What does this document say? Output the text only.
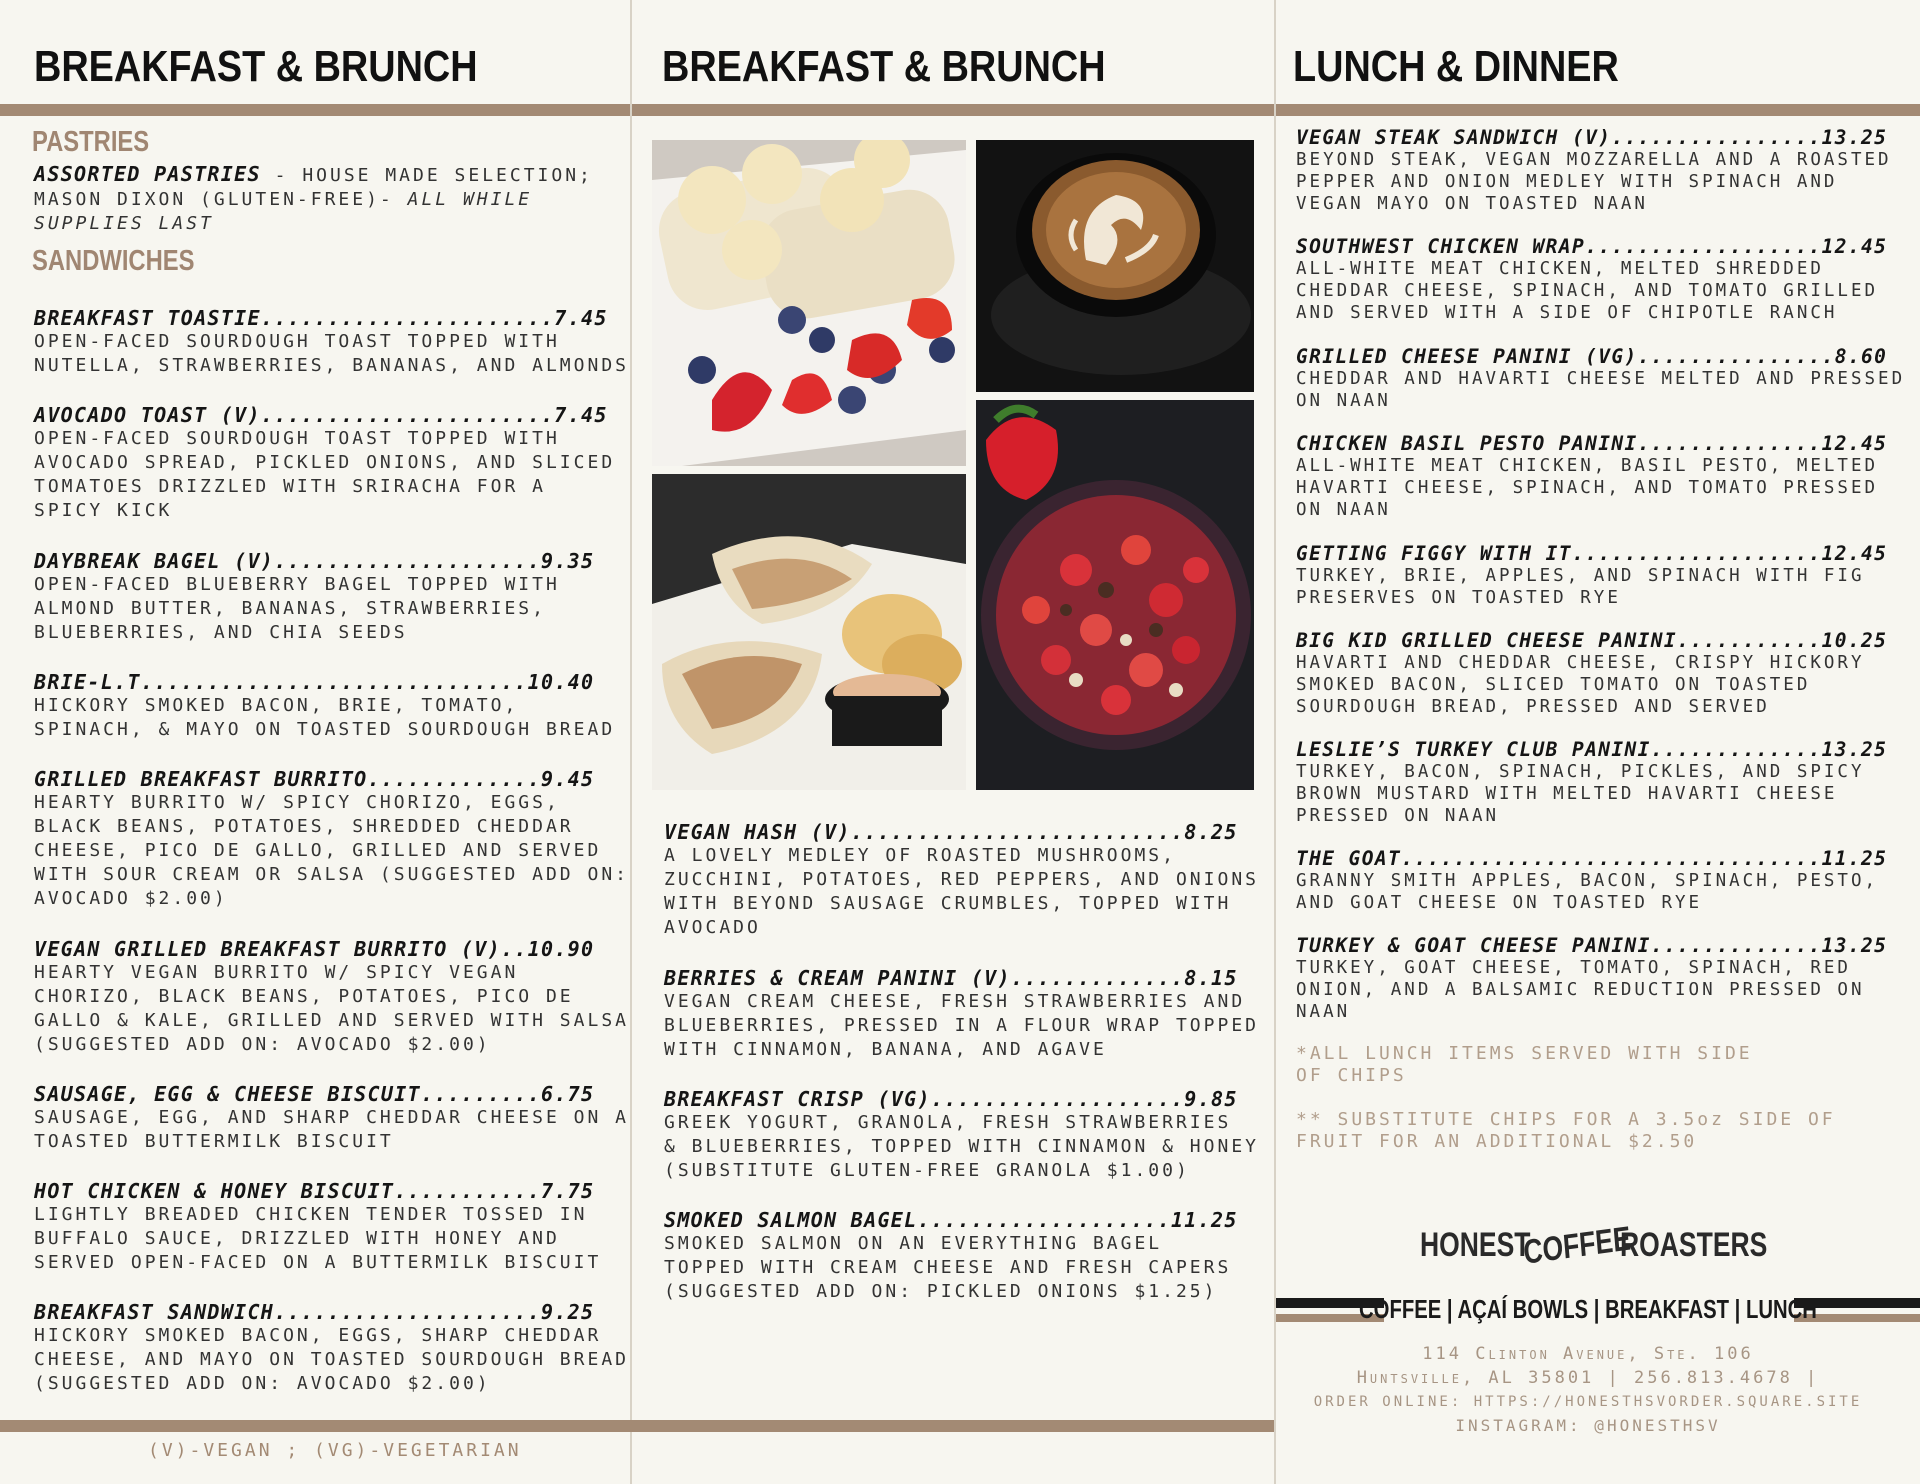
BREAKFAST & BRUNCH	BREAKFAST & BRUNCH	LUNCH & DINNER
PASTRIES
ASSORTED PASTRIES - HOUSE MADE SELECTION;
MASON DIXON (GLUTEN-FREE)- ALL WHILE
SUPPLIES LAST
SANDWICHES
BREAKFAST TOASTIE......................7.45
OPEN-FACED SOURDOUGH TOAST TOPPED WITH
NUTELLA, STRAWBERRIES, BANANAS, AND ALMONDS
AVOCADO TOAST (V)......................7.45
OPEN-FACED SOURDOUGH TOAST TOPPED WITH
AVOCADO SPREAD, PICKLED ONIONS, AND SLICED
TOMATOES DRIZZLED WITH SRIRACHA FOR A
SPICY KICK
DAYBREAK BAGEL (V)....................9.35
OPEN-FACED BLUEBERRY BAGEL TOPPED WITH
ALMOND BUTTER, BANANAS, STRAWBERRIES,
BLUEBERRIES, AND CHIA SEEDS
BRIE-L.T.............................10.40
HICKORY SMOKED BACON, BRIE, TOMATO,
SPINACH, & MAYO ON TOASTED SOURDOUGH BREAD
GRILLED BREAKFAST BURRITO.............9.45
HEARTY BURRITO W/ SPICY CHORIZO, EGGS,
BLACK BEANS, POTATOES, SHREDDED CHEDDAR
CHEESE, PICO DE GALLO, GRILLED AND SERVED
WITH SOUR CREAM OR SALSA (SUGGESTED ADD ON:
AVOCADO $2.00)
VEGAN GRILLED BREAKFAST BURRITO (V)..10.90
HEARTY VEGAN BURRITO W/ SPICY VEGAN
CHORIZO, BLACK BEANS, POTATOES, PICO DE
GALLO & KALE, GRILLED AND SERVED WITH SALSA
(SUGGESTED ADD ON: AVOCADO $2.00)
SAUSAGE, EGG & CHEESE BISCUIT.........6.75
SAUSAGE, EGG, AND SHARP CHEDDAR CHEESE ON A
TOASTED BUTTERMILK BISCUIT
HOT CHICKEN & HONEY BISCUIT...........7.75
LIGHTLY BREADED CHICKEN TENDER TOSSED IN
BUFFALO SAUCE, DRIZZLED WITH HONEY AND
SERVED OPEN-FACED ON A BUTTERMILK BISCUIT
BREAKFAST SANDWICH....................9.25
HICKORY SMOKED BACON, EGGS, SHARP CHEDDAR
CHEESE, AND MAYO ON TOASTED SOURDOUGH BREAD
(SUGGESTED ADD ON: AVOCADO $2.00)
(V)-VEGAN ; (VG)-VEGETARIAN
VEGAN HASH (V).........................8.25
A LOVELY MEDLEY OF ROASTED MUSHROOMS,
ZUCCHINI, POTATOES, RED PEPPERS, AND ONIONS
WITH BEYOND SAUSAGE CRUMBLES, TOPPED WITH
AVOCADO
BERRIES & CREAM PANINI (V).............8.15
VEGAN CREAM CHEESE, FRESH STRAWBERRIES AND
BLUEBERRIES, PRESSED IN A FLOUR WRAP TOPPED
WITH CINNAMON, BANANA, AND AGAVE
BREAKFAST CRISP (VG)...................9.85
GREEK YOGURT, GRANOLA, FRESH STRAWBERRIES
& BLUEBERRIES, TOPPED WITH CINNAMON & HONEY
(SUBSTITUTE GLUTEN-FREE GRANOLA $1.00)
SMOKED SALMON BAGEL...................11.25
SMOKED SALMON ON AN EVERYTHING BAGEL
TOPPED WITH CREAM CHEESE AND FRESH CAPERS
(SUGGESTED ADD ON: PICKLED ONIONS $1.25)
VEGAN STEAK SANDWICH (V)................13.25
BEYOND STEAK, VEGAN MOZZARELLA AND A ROASTED
PEPPER AND ONION MEDLEY WITH SPINACH AND
VEGAN MAYO ON TOASTED NAAN
SOUTHWEST CHICKEN WRAP..................12.45
ALL-WHITE MEAT CHICKEN, MELTED SHREDDED
CHEDDAR CHEESE, SPINACH, AND TOMATO GRILLED
AND SERVED WITH A SIDE OF CHIPOTLE RANCH
GRILLED CHEESE PANINI (VG)...............8.60
CHEDDAR AND HAVARTI CHEESE MELTED AND PRESSED
ON NAAN
CHICKEN BASIL PESTO PANINI..............12.45
ALL-WHITE MEAT CHICKEN, BASIL PESTO, MELTED
HAVARTI CHEESE, SPINACH, AND TOMATO PRESSED
ON NAAN
GETTING FIGGY WITH IT...................12.45
TURKEY, BRIE, APPLES, AND SPINACH WITH FIG
PRESERVES ON TOASTED RYE
BIG KID GRILLED CHEESE PANINI...........10.25
HAVARTI AND CHEDDAR CHEESE, CRISPY HICKORY
SMOKED BACON, SLICED TOMATO ON TOASTED
SOURDOUGH BREAD, PRESSED AND SERVED
LESLIE’S TURKEY CLUB PANINI.............13.25
TURKEY, BACON, SPINACH, PICKLES, AND SPICY
BROWN MUSTARD WITH MELTED HAVARTI CHEESE
PRESSED ON NAAN
THE GOAT................................11.25
GRANNY SMITH APPLES, BACON, SPINACH, PESTO,
AND GOAT CHEESE ON TOASTED RYE
TURKEY & GOAT CHEESE PANINI.............13.25
TURKEY, GOAT CHEESE, TOMATO, SPINACH, RED
ONION, AND A BALSAMIC REDUCTION PRESSED ON
NAAN
*ALL LUNCH ITEMS SERVED WITH SIDE
OF CHIPS
** SUBSTITUTE CHIPS FOR A 3.5oz SIDE OF
FRUIT FOR AN ADDITIONAL $2.50
HONEST
COFFEE
ROASTERS
COFFEE | AÇAÍ BOWLS | BREAKFAST | LUNCH
114 Clinton Avenue, Ste. 106
Huntsville, AL 35801 | 256.813.4678 |
ORDER ONLINE: HTTPS://HONESTHSVORDER.SQUARE.SITE
INSTAGRAM: @HONESTHSV
